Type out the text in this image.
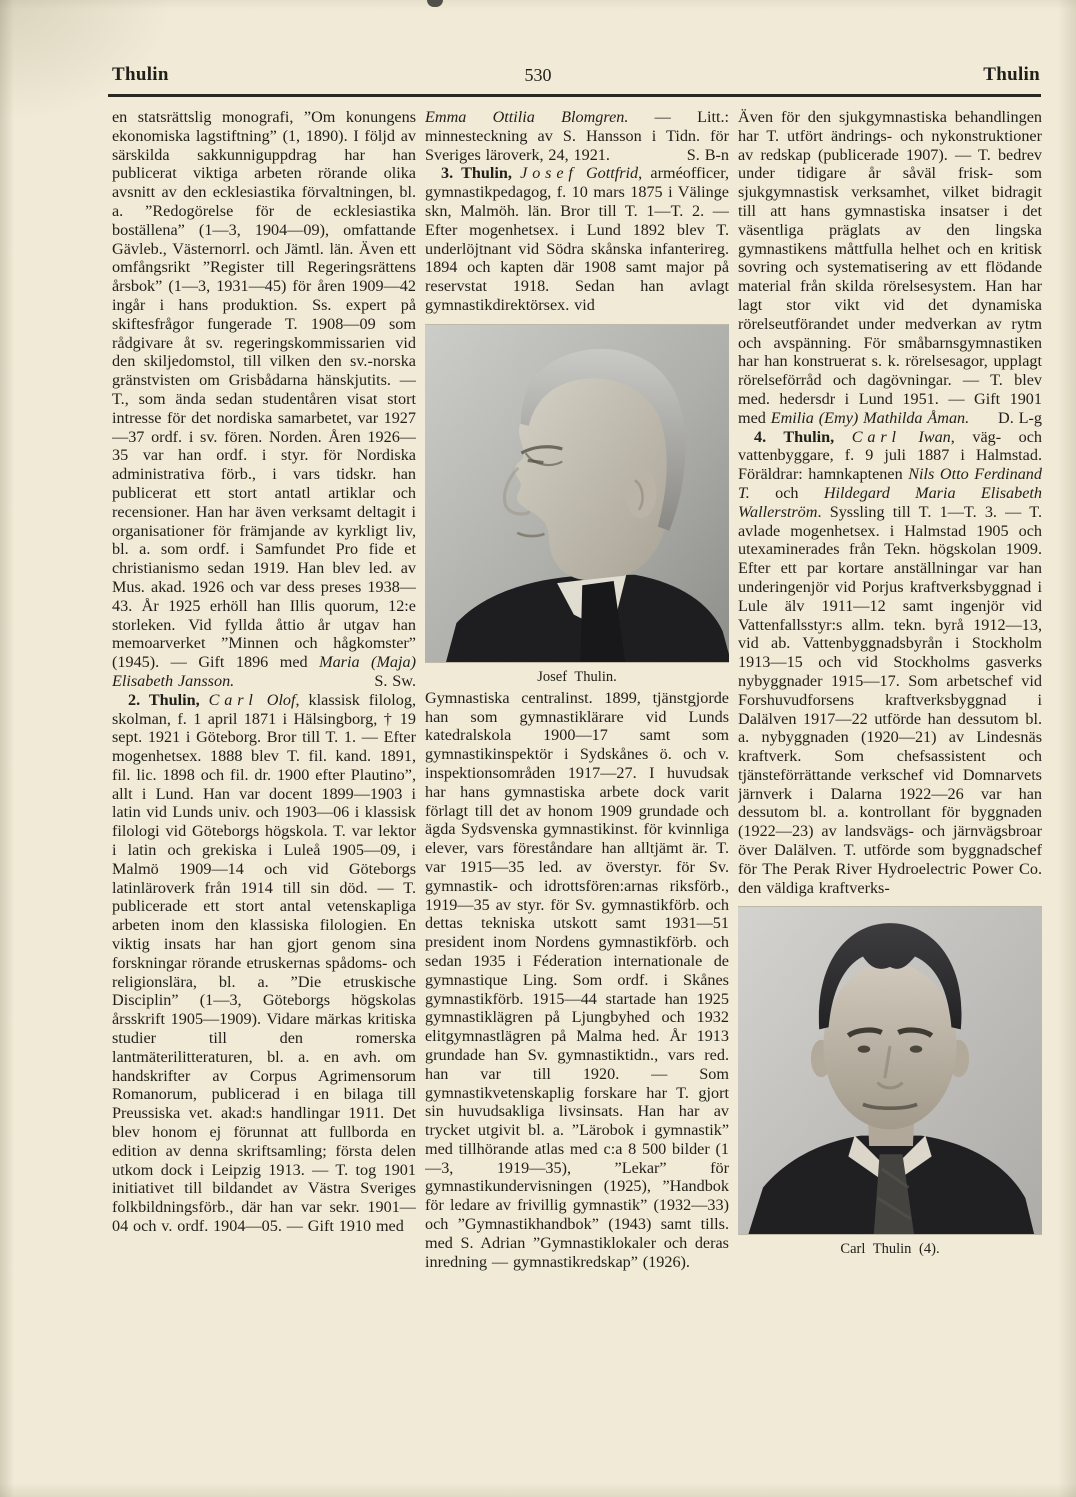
Thulin	530	Thulin

en statsrättslig monografi, ”Om konungens ekonomiska lagstiftning” (1, 1890). I följd av särskilda sakkunniguppdrag har han publicerat viktiga arbeten rörande olika avsnitt av den ecklesiastika förvaltningen, bl. a. ”Redogörelse för de ecklesiastika boställena” (1—3, 1904—09), omfattande Gävleb., Västernorrl. och Jämtl. län. Även ett omfångsrikt ”Register till Regeringsrättens årsbok” (1—3, 1931—45) för åren 1909—42 ingår i hans produktion. Ss. expert på skiftesfrågor fungerade T. 1908—09 som rådgivare åt sv. regeringskommissarien vid den skiljedomstol, till vilken den sv.-norska gränstvisten om Grisbådarna hänskjutits. — T., som ända sedan studentåren visat stort intresse för det nordiska samarbetet, var 1927—37 ordf. i sv. fören. Norden. Åren 1926—35 var han ordf. i styr. för Nordiska administrativa förb., i vars tidskr. han publicerat ett stort antatl artiklar och recensioner. Han har även verksamt deltagit i organisationer för främjande av kyrkligt liv, bl. a. som ordf. i Samfundet Pro fide et christianismo sedan 1919. Han blev led. av Mus. akad. 1926 och var dess preses 1938—43. År 1925 erhöll han Illis quorum, 12:e storleken. Vid fyllda åttio år utgav han memoarverket ”Minnen och hågkomster” (1945). — Gift 1896 med Maria (Maja) Elisabeth Jansson.	S. Sw.

2. Thulin, Carl Olof, klassisk filolog, skolman, f. 1 april 1871 i Hälsingborg, † 19 sept. 1921 i Göteborg. Bror till T. 1. — Efter mogenhetsex. 1888 blev T. fil. kand. 1891, fil. lic. 1898 och fil. dr. 1900 efter Plautino”, allt i Lund. Han var docent 1899—1903 i latin vid Lunds univ. och 1903—06 i klassisk filologi vid Göteborgs högskola. T. var lektor i latin och grekiska i Luleå 1905—09, i Malmö 1909—14 och vid Göteborgs latinläroverk från 1914 till sin död. — T. publicerade ett stort antal vetenskapliga arbeten inom den klassiska filologien. En viktig insats har han gjort genom sina forskningar rörande etruskernas spådoms- och religionslära, bl. a. ”Die etruskische Disciplin” (1—3, Göteborgs högskolas årsskrift 1905—1909). Vidare märkas kritiska studier till den romerska lantmäterilitteraturen, bl. a. en avh. om handskrifter av Corpus Agrimensorum Romanorum, publicerad i en bilaga till Preussiska vet. akad:s handlingar 1911. Det blev honom ej förunnat att fullborda en edition av denna skriftsamling; första delen utkom dock i Leipzig 1913. — T. tog 1901 initiativet till bildandet av Västra Sveriges folkbildningsförb., där han var sekr. 1901—04 och v. ordf. 1904—05. — Gift 1910 med

Emma Ottilia Blomgren. — Litt.: minnesteckning av S. Hansson i Tidn. för Sveriges läroverk, 24, 1921.	S. B-n

3. Thulin, Josef Gottfrid, arméofficer, gymnastikpedagog, f. 10 mars 1875 i Välinge skn, Malmöh. län. Bror till T. 1—T. 2. — Efter mogenhetsex. i Lund 1892 blev T. underlöjtnant vid Södra skånska infanterireg. 1894 och kapten där 1908 samt major på reservstat 1918. Sedan han avlagt gymnastikdirektörsex. vid

Josef Thulin.

Gymnastiska centralinst. 1899, tjänstgjorde han som gymnastiklärare vid Lunds katedralskola 1900—17 samt som gymnastikinspektör i Sydskånes ö. och v. inspektionsområden 1917—27. I huvudsak har hans gymnastiska arbete dock varit förlagt till det av honom 1909 grundade och ägda Sydsvenska gymnastikinst. för kvinnliga elever, vars föreståndare han alltjämt är. T. var 1915—35 led. av överstyr. för Sv. gymnastik- och idrottsfören:arnas riksförb., 1919—35 av styr. för Sv. gymnastikförb. och dettas tekniska utskott samt 1931—51 president inom Nordens gymnastikförb. och sedan 1935 i Féderation internationale de gymnastique Ling. Som ordf. i Skånes gymnastikförb. 1915—44 startade han 1925 gymnastiklägren på Ljungbyhed och 1932 elitgymnastlägren på Malma hed. År 1913 grundade han Sv. gymnastiktidn., vars red. han var till 1920. — Som gymnastikvetenskaplig forskare har T. gjort sin huvudsakliga livsinsats. Han har av trycket utgivit bl. a. ”Lärobok i gymnastik” med tillhörande atlas med c:a 8 500 bilder (1—3, 1919—35), ”Lekar” för gymnastikundervisningen (1925), ”Handbok för ledare av frivillig gymnastik” (1932—33) och ”Gymnastikhandbok” (1943) samt tills. med S. Adrian ”Gymnastiklokaler och deras inredning — gymnastikredskap” (1926).

Även för den sjukgymnastiska behandlingen har T. utfört ändrings- och nykonstruktioner av redskap (publicerade 1907). — T. bedrev under tidigare år såväl frisk- som sjukgymnastisk verksamhet, vilket bidragit till att hans gymnastiska insatser i det väsentliga präglats av den lingska gymnastikens måttfulla helhet och en kritisk sovring och systematisering av ett flödande material från skilda rörelsesystem. Han har lagt stor vikt vid det dynamiska rörelseutförandet under medverkan av rytm och avspänning. För småbarnsgymnastiken har han konstruerat s. k. rörelsesagor, upplagt rörelseförråd och dagövningar. — T. blev med. hedersdr i Lund 1951. — Gift 1901 med Emilia (Emy) Mathilda Åman.	D. L-g

4. Thulin, Carl Iwan, väg- och vattenbyggare, f. 9 juli 1887 i Halmstad. Föräldrar: hamnkaptenen Nils Otto Ferdinand T. och Hildegard Maria Elisabeth Wallerström. Syssling till T. 1—T. 3. — T. avlade mogenhetsex. i Halmstad 1905 och utexaminerades från Tekn. högskolan 1909. Efter ett par kortare anställningar var han underingenjör vid Porjus kraftverksbyggnad i Lule älv 1911—12 samt ingenjör vid Vattenfallsstyr:s allm. tekn. byrå 1912—13, vid ab. Vattenbyggnadsbyrån i Stockholm 1913—15 och vid Stockholms gasverks nybyggnader 1915—17. Som arbetschef vid Forshuvudforsens kraftverksbyggnad i Dalälven 1917—22 utförde han dessutom bl. a. nybyggnaden (1920—21) av Lindesnäs kraftverk. Som chefsassistent och tjänsteförrättande verkschef vid Domnarvets järnverk i Dalarna 1922—26 var han dessutom bl. a. kontrollant för byggnaden (1922—23) av landsvägs- och järnvägsbroar över Dalälven. T. utförde som byggnadschef för The Perak River Hydroelectric Power Co. den väldiga kraftverks-

Carl Thulin (4).
